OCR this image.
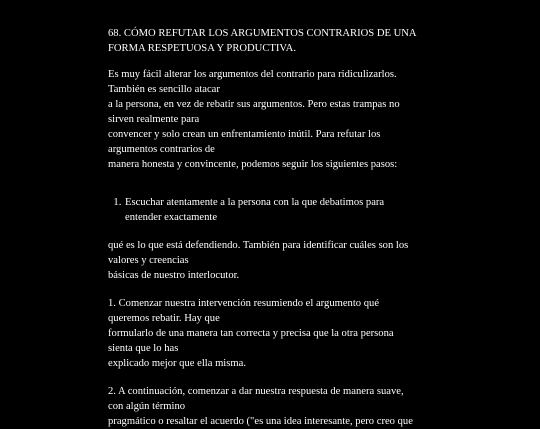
68. CÓMO REFUTAR LOS ARGUMENTOS CONTRARIOS DE UNA
FORMA RESPETUOSA Y PRODUCTIVA.

Es muy fácil alterar los argumentos del contrario para ridiculizarlos.
También es sencillo atacar
a la persona, en vez de rebatir sus argumentos. Pero estas trampas no
sirven realmente para
convencer y solo crean un enfrentamiento inútil. Para refutar los
argumentos contrarios de
manera honesta y convincente, podemos seguir los siguientes pasos:

1. Escuchar atentamente a la persona con la que debatimos para
entender exactamente

qué es lo que está defendiendo. También para identificar cuáles son los
valores y creencias
básicas de nuestro interlocutor.

1. Comenzar nuestra intervención resumiendo el argumento qué
queremos rebatir. Hay que
formularlo de una manera tan correcta y precisa que la otra persona
sienta que lo has
explicado mejor que ella misma.

2. A continuación, comenzar a dar nuestra respuesta de manera suave,
con algún término
pragmático o resaltar el acuerdo ("es una idea interesante, pero creo que
